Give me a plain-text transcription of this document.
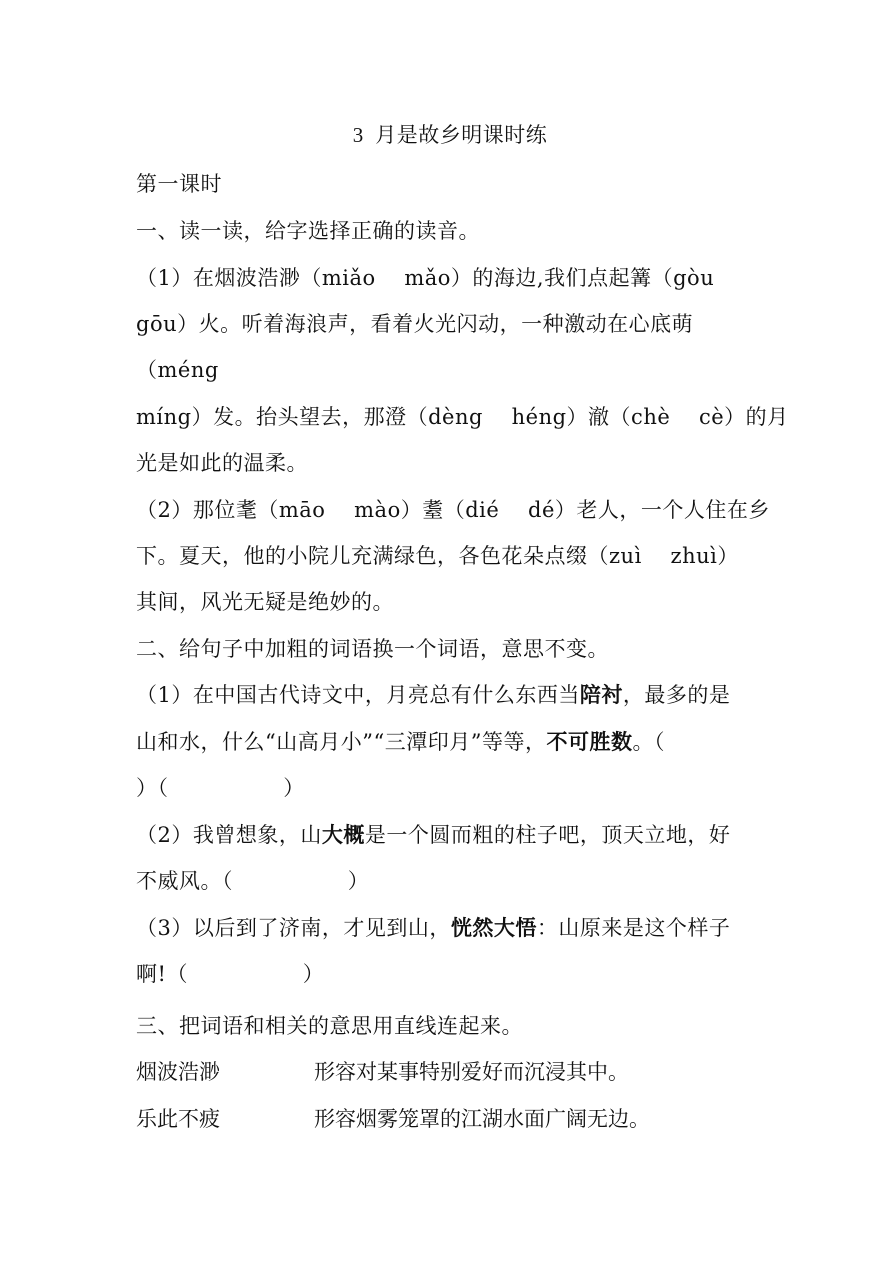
3  月是故乡明课时练
第一课时
一、读一读，给字选择正确的读音。
（1）在烟波浩渺（miǎo    mǎo）的海边,我们点起篝（gòu
gōu）火。听着海浪声，看着火光闪动，一种激动在心底萌
（méng
míng）发。抬头望去，那澄（dèng    héng）澈（chè    cè）的月
光是如此的温柔。
（2）那位耄（māo    mào）耋（dié    dé）老人，一个人住在乡
下。夏天，他的小院儿充满绿色，各色花朵点缀（zuì    zhuì）
其间，风光无疑是绝妙的。
二、给句子中加粗的词语换一个词语，意思不变。
（1）在中国古代诗文中，月亮总有什么东西当陪衬，最多的是
山和水，什么“山高月小”“三潭印月”等等，不可胜数。（
）（                ）
（2）我曾想象，山大概是一个圆而粗的柱子吧，顶天立地，好
不威风。（                ）
（3）以后到了济南，才见到山，恍然大悟：山原来是这个样子
啊!（                ）
三、把词语和相关的意思用直线连起来。
烟波浩渺	形容对某事特别爱好而沉浸其中。
乐此不疲	形容烟雾笼罩的江湖水面广阔无边。
